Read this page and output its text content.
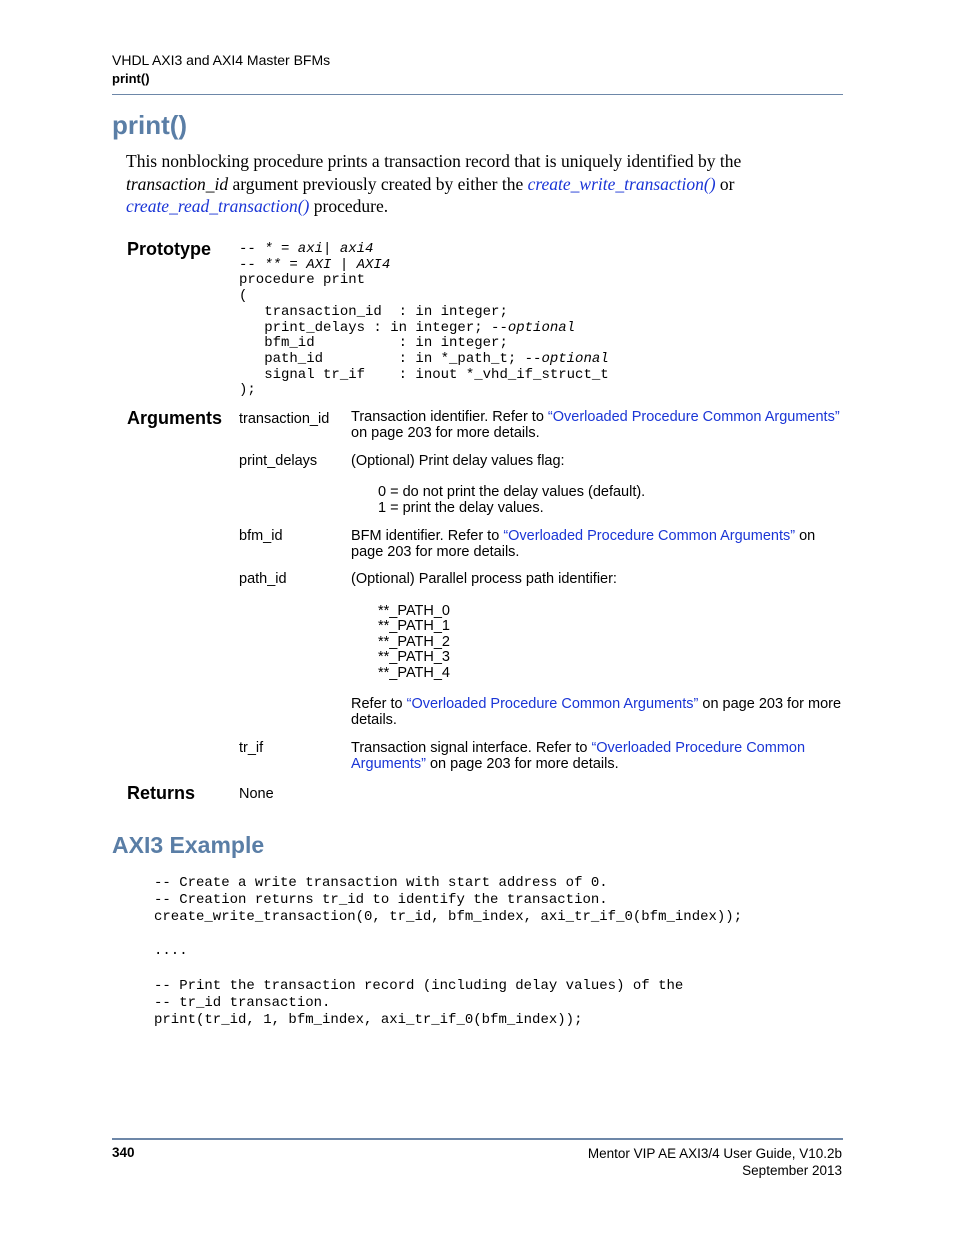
VHDL AXI3 and AXI4 Master BFMs
print()
print()
This nonblocking procedure prints a transaction record that is uniquely identified by the transaction_id argument previously created by either the create_write_transaction() or create_read_transaction() procedure.
Prototype -- * = axi| axi4
-- ** = AXI | AXI4
procedure print
(
transaction_id  : in integer;
print_delays : in integer; --optional
bfm_id          : in integer;
path_id         : in *_path_t; --optional
signal tr_if    : inout *_vhd_if_struct_t
);
Arguments transaction_id Transaction identifier. Refer to “Overloaded Procedure Common Arguments” on page 203 for more details.
print_delays (Optional) Print delay values flag:
0 = do not print the delay values (default).
1 = print the delay values.
bfm_id	BFM identifier. Refer to “Overloaded Procedure Common Arguments” on page 203 for more details.
path_id	(Optional) Parallel process path identifier:
**_PATH_0
**_PATH_1
**_PATH_2
**_PATH_3
**_PATH_4
Refer to “Overloaded Procedure Common Arguments” on page 203 for more details.
tr_if	Transaction signal interface. Refer to “Overloaded Procedure Common Arguments” on page 203 for more details.
Returns	None
AXI3 Example
-- Create a write transaction with start address of 0.
-- Creation returns tr_id to identify the transaction.
create_write_transaction(0, tr_id, bfm_index, axi_tr_if_0(bfm_index));

....

-- Print the transaction record (including delay values) of the
-- tr_id transaction.
print(tr_id, 1, bfm_index, axi_tr_if_0(bfm_index));
340	Mentor VIP AE AXI3/4 User Guide, V10.2b
September 2013
